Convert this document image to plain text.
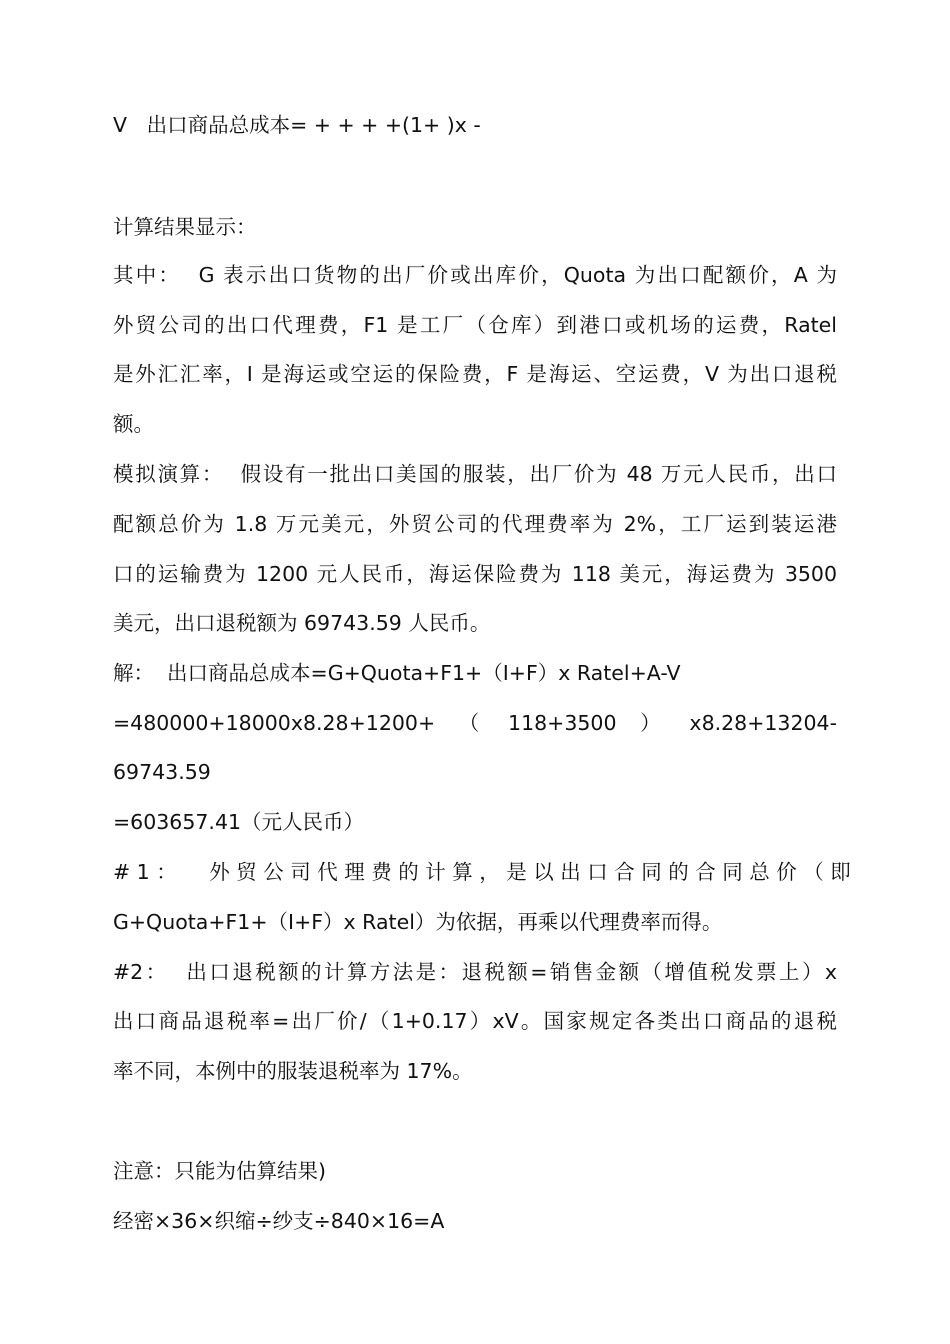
V   出口商品总成本= + + + +(1+ )x -
计算结果显示：
其中：  G 表示出口货物的出厂价或出库价，Quota 为出口配额价，A 为
外贸公司的出口代理费，F1 是工厂（仓库）到港口或机场的运费，Ratel
是外汇汇率，I 是海运或空运的保险费，F 是海运、空运费，V 为出口退税
额。
模拟演算：  假设有一批出口美国的服装，出厂价为 48 万元人民币，出口
配额总价为 1.8 万元美元，外贸公司的代理费率为 2%，工厂运到装运港
口的运输费为 1200 元人民币，海运保险费为 118 美元，海运费为 3500
美元，出口退税额为 69743.59 人民币。
解：  出口商品总成本=G+Quota+F1+（I+F）x Ratel+A-V
=480000+18000x8.28+1200+  （  118+3500  ）  x8.28+13204-
69743.59
=603657.41（元人民币）
#1：  外贸公司代理费的计算，是以出口合同的合同总价（即
G+Quota+F1+（I+F）x Ratel）为依据，再乘以代理费率而得。
#2：  出口退税额的计算方法是：退税额=销售金额（增值税发票上）x
出口商品退税率=出厂价/（1+0.17）xV。国家规定各类出口商品的退税
率不同，本例中的服装退税率为 17%。
注意：只能为估算结果)
经密×36×织缩÷纱支÷840×16=A
